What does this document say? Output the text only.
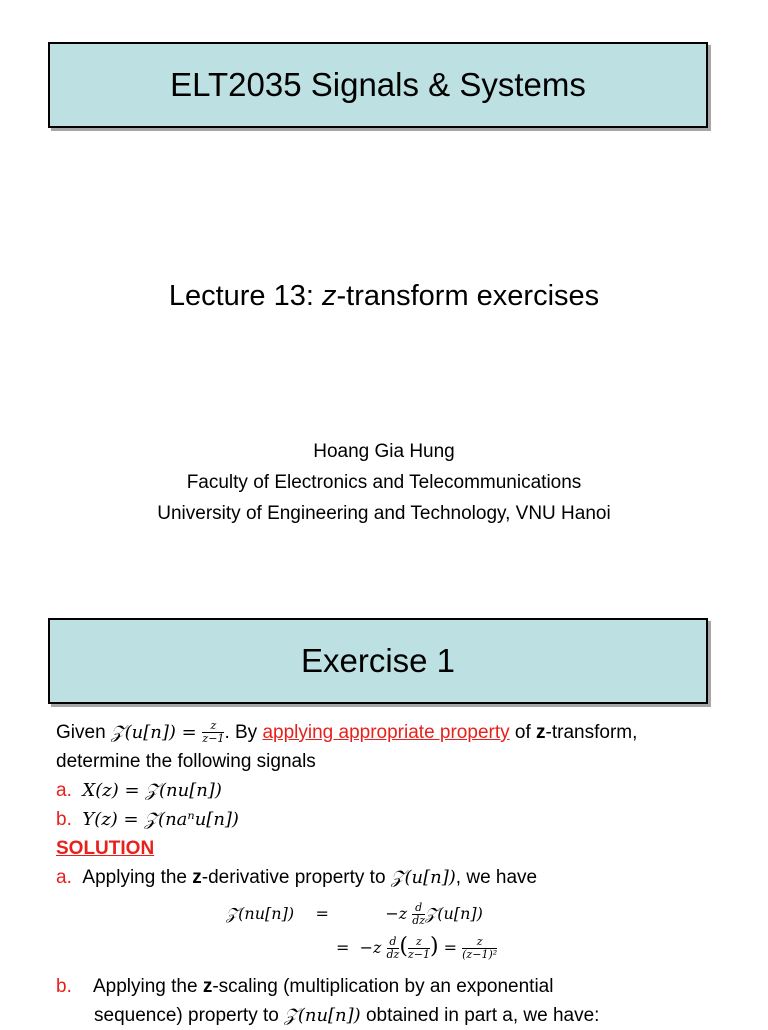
ELT2035 Signals & Systems
Lecture 13: z-transform exercises
Hoang Gia Hung
Faculty of Electronics and Telecommunications
University of Engineering and Technology, VNU Hanoi
Exercise 1
Given 𝒵(u[n]) = $\frac{z}{z-1}$ . By applying appropriate property of z-transform,
determine the following signals
a. X(z) = 𝒵(nu[n])
b. Y(z) = 𝒵(naⁿu[n])
SOLUTION
a. Applying the z-derivative property to 𝒵(u[n]), we have
𝒵(nu[n]) =	$-z \frac{d}{dz}$ 𝒵(u[n])
= $-z \frac{d}{dz}$ ( $\frac{z}{z-1}$ ) = $\frac{z}{\text{(z−1)²}}$
b. Applying the z-scaling (multiplication by an exponential
sequence) property to 𝒵(nu[n]) obtained in part a, we have:
